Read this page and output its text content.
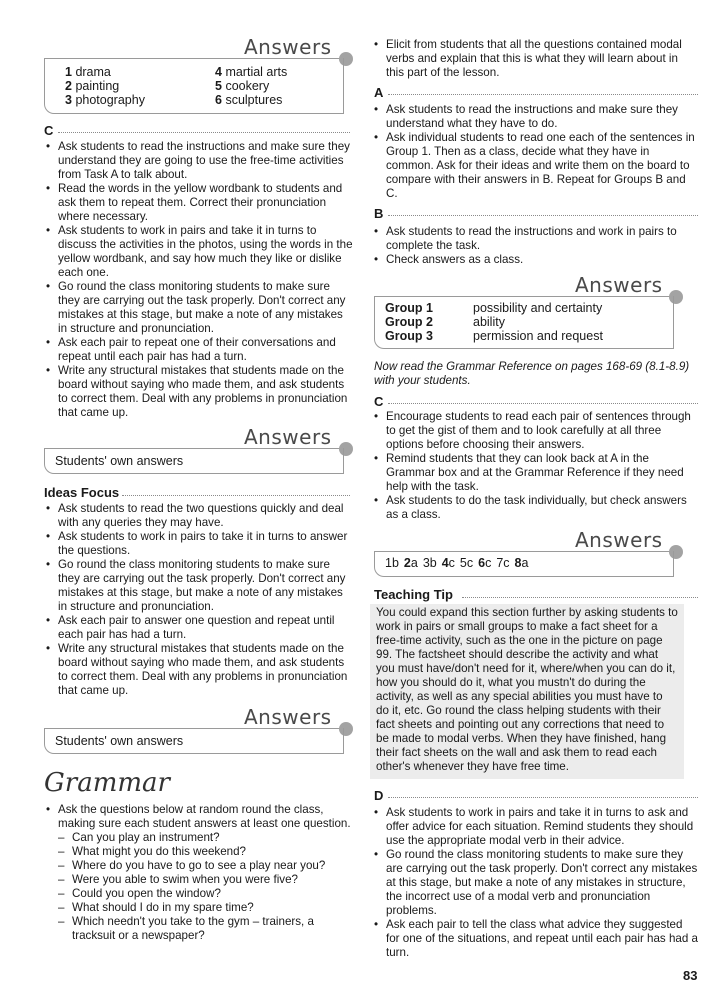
Answers
1 drama	4 martial arts
2 painting	5 cookery
3 photography	6 sculptures
C
• Ask students to read the instructions and make sure they understand they are going to use the free-time activities from Task A to talk about.
• Read the words in the yellow wordbank to students and ask them to repeat them. Correct their pronunciation where necessary.
• Ask students to work in pairs and take it in turns to discuss the activities in the photos, using the words in the yellow wordbank, and say how much they like or dislike each one.
• Go round the class monitoring students to make sure they are carrying out the task properly. Don't correct any mistakes at this stage, but make a note of any mistakes in structure and pronunciation.
• Ask each pair to repeat one of their conversations and repeat until each pair has had a turn.
• Write any structural mistakes that students made on the board without saying who made them, and ask students to correct them. Deal with any problems in pronunciation that came up.
Answers
Students' own answers
Ideas Focus
• Ask students to read the two questions quickly and deal with any queries they may have.
• Ask students to work in pairs to take it in turns to answer the questions.
• Go round the class monitoring students to make sure they are carrying out the task properly. Don't correct any mistakes at this stage, but make a note of any mistakes in structure and pronunciation.
• Ask each pair to answer one question and repeat until each pair has had a turn.
• Write any structural mistakes that students made on the board without saying who made them, and ask students to correct them. Deal with any problems in pronunciation that came up.
Answers
Students' own answers
Grammar
• Ask the questions below at random round the class, making sure each student answers at least one question.
– Can you play an instrument?
– What might you do this weekend?
– Where do you have to go to see a play near you?
– Were you able to swim when you were five?
– Could you open the window?
– What should I do in my spare time?
– Which needn't you take to the gym – trainers, a tracksuit or a newspaper?
• Elicit from students that all the questions contained modal verbs and explain that this is what they will learn about in this part of the lesson.
A
• Ask students to read the instructions and make sure they understand what they have to do.
• Ask individual students to read one each of the sentences in Group 1. Then as a class, decide what they have in common. Ask for their ideas and write them on the board to compare with their answers in B. Repeat for Groups B and C.
B
• Ask students to read the instructions and work in pairs to complete the task.
• Check answers as a class.
Answers
Group 1	possibility and certainty
Group 2	ability
Group 3	permission and request
Now read the Grammar Reference on pages 168-69 (8.1-8.9) with your students.
C
• Encourage students to read each pair of sentences through to get the gist of them and to look carefully at all three options before choosing their answers.
• Remind students that they can look back at A in the Grammar box and at the Grammar Reference if they need help with the task.
• Ask students to do the task individually, but check answers as a class.
Answers
1b 2a 3b 4c 5c 6c 7c 8a
Teaching Tip
You could expand this section further by asking students to work in pairs or small groups to make a fact sheet for a free-time activity, such as the one in the picture on page 99. The factsheet should describe the activity and what you must have/don't need for it, where/when you can do it, how you should do it, what you mustn't do during the activity, as well as any special abilities you must have to do it, etc. Go round the class helping students with their fact sheets and pointing out any corrections that need to be made to modal verbs. When they have finished, hang their fact sheets on the wall and ask them to read each other's whenever they have free time.
D
• Ask students to work in pairs and take it in turns to ask and offer advice for each situation. Remind students they should use the appropriate modal verb in their advice.
• Go round the class monitoring students to make sure they are carrying out the task properly. Don't correct any mistakes at this stage, but make a note of any mistakes in structure, the incorrect use of a modal verb and pronunciation problems.
• Ask each pair to tell the class what advice they suggested for one of the situations, and repeat until each pair has had a turn.
83
